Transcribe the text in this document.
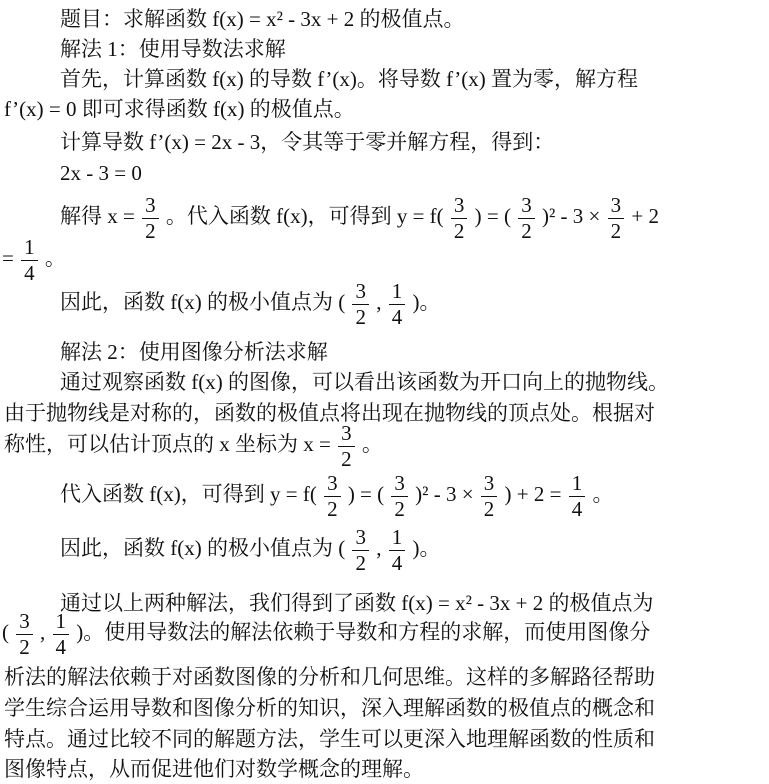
题目：求解函数 f(x) = x² - 3x + 2 的极值点。
解法 1：使用导数法求解
首先，计算函数 f(x) 的导数 f’(x)。将导数 f’(x) 置为零，解方程
f’(x) = 0 即可求得函数 f(x) 的极值点。
计算导数 f’(x) = 2x - 3，令其等于零并解方程，得到：
2x - 3 = 0
解得 $x = \frac{3}{2}$ 。代入函数 f(x)，可得到 $y = f( \frac{3}{2}$ ) = ( $\frac{3}{2} )^2 - 3 \times \frac{3}{2} + 2$
= $\frac{1}{4}$ 。
因此，函数 f(x) 的极小值点为 ( $\frac{3}{2}$ , $\frac{1}{4}$ )。
解法 2：使用图像分析法求解
通过观察函数 f(x) 的图像，可以看出该函数为开口向上的抛物线。
由于抛物线是对称的，函数的极值点将出现在抛物线的顶点处。根据对
称性，可以估计顶点的 x 坐标为 $x = \frac{3}{2}$ 。
代入函数 f(x)，可得到 $y = f( \frac{3}{2}$ ) = ( $\frac{3}{2} )^2 - 3 \times \frac{3}{2}$ ) + $2 = \frac{1}{4}$ 。
因此，函数 f(x) 的极小值点为 ( $\frac{3}{2}$ , $\frac{1}{4}$ )。
通过以上两种解法，我们得到了函数 f(x) = x² - 3x + 2 的极值点为
( $\frac{3}{2}$ , $\frac{1}{4}$ )。使用导数法的解法依赖于导数和方程的求解，而使用图像分
析法的解法依赖于对函数图像的分析和几何思维。这样的多解路径帮助
学生综合运用导数和图像分析的知识，深入理解函数的极值点的概念和
特点。通过比较不同的解题方法，学生可以更深入地理解函数的性质和
图像特点，从而促进他们对数学概念的理解。
